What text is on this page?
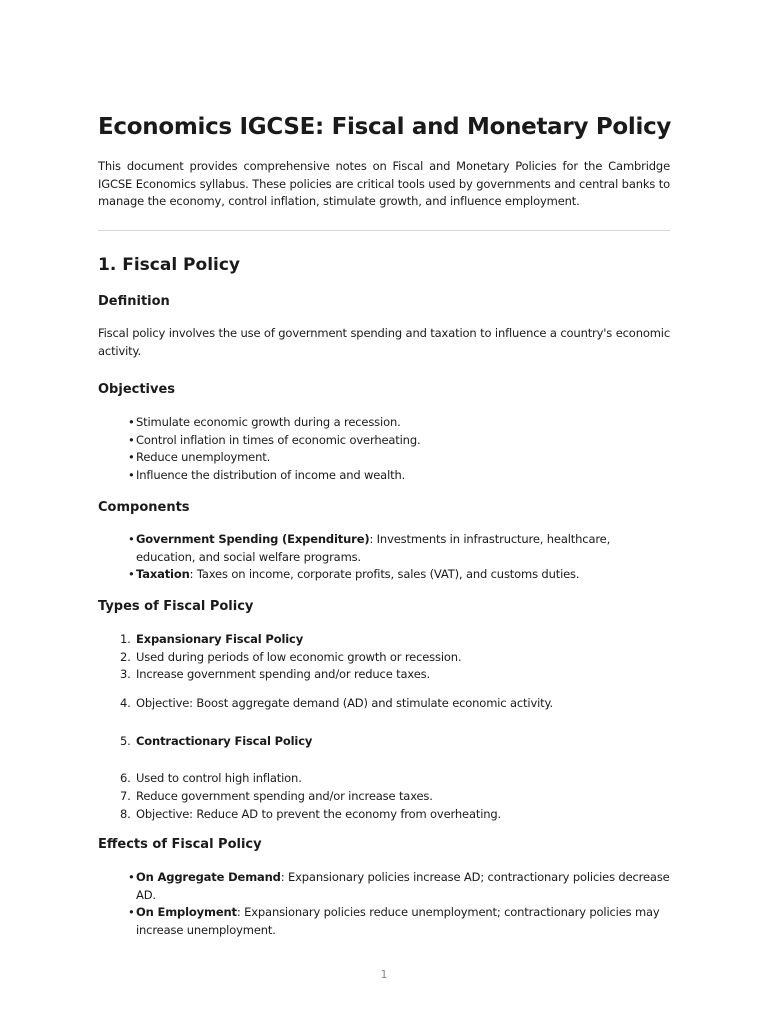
Economics IGCSE: Fiscal and Monetary Policy

This document provides comprehensive notes on Fiscal and Monetary Policies for the Cambridge IGCSE Economics syllabus. These policies are critical tools used by governments and central banks to manage the economy, control inflation, stimulate growth, and influence employment.

1. Fiscal Policy
Definition

Fiscal policy involves the use of government spending and taxation to influence a country's economic activity.

Objectives
• Stimulate economic growth during a recession.
• Control inflation in times of economic overheating.
• Reduce unemployment.
• Influence the distribution of income and wealth.
Components
• Government Spending (Expenditure): Investments in infrastructure, healthcare, education, and social welfare programs.
• Taxation: Taxes on income, corporate profits, sales (VAT), and customs duties.
Types of Fiscal Policy
1. Expansionary Fiscal Policy
2. Used during periods of low economic growth or recession.
3. Increase government spending and/or reduce taxes.
4. Objective: Boost aggregate demand (AD) and stimulate economic activity.
5. Contractionary Fiscal Policy
6. Used to control high inflation.
7. Reduce government spending and/or increase taxes.
8. Objective: Reduce AD to prevent the economy from overheating.
Effects of Fiscal Policy
• On Aggregate Demand: Expansionary policies increase AD; contractionary policies decrease AD.
• On Employment: Expansionary policies reduce unemployment; contractionary policies may increase unemployment.
1
